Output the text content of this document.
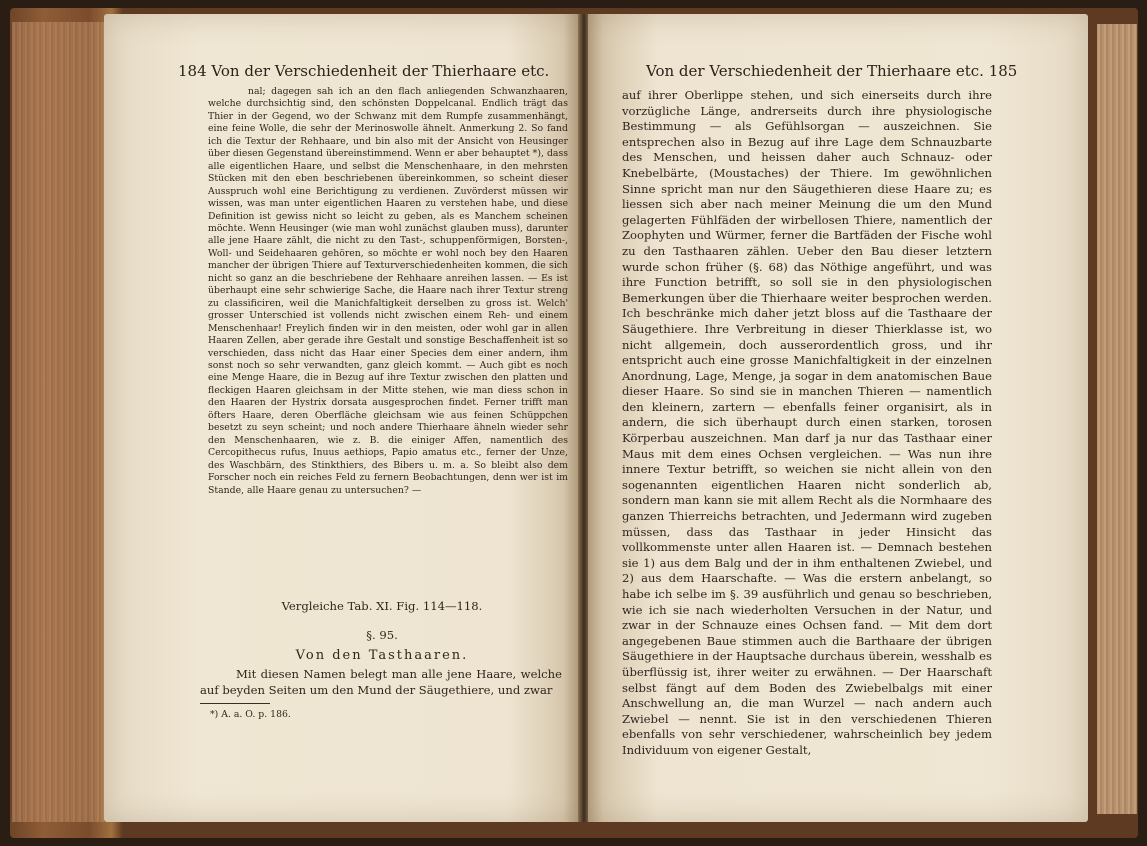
184 Von der Verschiedenheit der Thierhaare etc.
nal; dagegen sah ich an den flach anliegenden Schwanzhaaren, welche durchsichtig sind, den schönsten Doppelcanal. Endlich trägt das Thier in der Gegend, wo der Schwanz mit dem Rumpfe zusammenhängt, eine feine Wolle, die sehr der Merinoswolle ähnelt. Anmerkung 2. So fand ich die Textur der Rehhaare, und bin also mit der Ansicht von Heusinger über diesen Gegenstand übereinstimmend. Wenn er aber behauptet *), dass alle eigentlichen Haare, und selbst die Menschenhaare, in den mehrsten Stücken mit den eben beschriebenen übereinkommen, so scheint dieser Ausspruch wohl eine Berichtigung zu verdienen. Zuvörderst müssen wir wissen, was man unter eigentlichen Haaren zu verstehen habe, und diese Definition ist gewiss nicht so leicht zu geben, als es Manchem scheinen möchte. Wenn Heusinger (wie man wohl zunächst glauben muss), darunter alle jene Haare zählt, die nicht zu den Tast-, schuppenförmigen, Borsten-, Woll- und Seidehaaren gehören, so möchte er wohl noch bey den Haaren mancher der übrigen Thiere auf Texturverschiedenheiten kommen, die sich nicht so ganz an die beschriebene der Rehhaare anreihen lassen. — Es ist überhaupt eine sehr schwierige Sache, die Haare nach ihrer Textur streng zu classificiren, weil die Manichfaltigkeit derselben zu gross ist. Welch' grosser Unterschied ist vollends nicht zwischen einem Reh- und einem Menschenhaar! Freylich finden wir in den meisten, oder wohl gar in allen Haaren Zellen, aber gerade ihre Gestalt und sonstige Beschaffenheit ist so verschieden, dass nicht das Haar einer Species dem einer andern, ihm sonst noch so sehr verwandten, ganz gleich kommt. — Auch gibt es noch eine Menge Haare, die in Bezug auf ihre Textur zwischen den platten und fleckigen Haaren gleichsam in der Mitte stehen, wie man diess schon in den Haaren der Hystrix dorsata ausgesprochen findet. Ferner trifft man öfters Haare, deren Oberfläche gleichsam wie aus feinen Schüppchen besetzt zu seyn scheint; und noch andere Thierhaare ähneln wieder sehr den Menschenhaaren, wie z. B. die einiger Affen, namentlich des Cercopithecus rufus, Inuus aethiops, Papio amatus etc., ferner der Unze, des Waschbärn, des Stinkthiers, des Bibers u. m. a. So bleibt also dem Forscher noch ein reiches Feld zu fernern Beobachtungen, denn wer ist im Stande, alle Haare genau zu untersuchen? —
Vergleiche Tab. XI. Fig. 114—118.
§. 95.
Von den Tasthaaren.
Mit diesen Namen belegt man alle jene Haare, welche auf beyden Seiten um den Mund der Säugethiere, und zwar
*) A. a. O. p. 186.
Von der Verschiedenheit der Thierhaare etc. 185
auf ihrer Oberlippe stehen, und sich einerseits durch ihre vorzügliche Länge, andrerseits durch ihre physiologische Bestimmung — als Gefühlsorgan — auszeichnen. Sie entsprechen also in Bezug auf ihre Lage dem Schnauzbarte des Menschen, und heissen daher auch Schnauz- oder Knebelbärte, (Moustaches) der Thiere. Im gewöhnlichen Sinne spricht man nur den Säugethieren diese Haare zu; es liessen sich aber nach meiner Meinung die um den Mund gelagerten Fühlfäden der wirbellosen Thiere, namentlich der Zoophyten und Würmer, ferner die Bartfäden der Fische wohl zu den Tasthaaren zählen. Ueber den Bau dieser letztern wurde schon früher (§. 68) das Nöthige angeführt, und was ihre Function betrifft, so soll sie in den physiologischen Bemerkungen über die Thierhaare weiter besprochen werden. Ich beschränke mich daher jetzt bloss auf die Tasthaare der Säugethiere. Ihre Verbreitung in dieser Thierklasse ist, wo nicht allgemein, doch ausserordentlich gross, und ihr entspricht auch eine grosse Manichfaltigkeit in der einzelnen Anordnung, Lage, Menge, ja sogar in dem anatomischen Baue dieser Haare. So sind sie in manchen Thieren — namentlich den kleinern, zartern — ebenfalls feiner organisirt, als in andern, die sich überhaupt durch einen starken, torosen Körperbau auszeichnen. Man darf ja nur das Tasthaar einer Maus mit dem eines Ochsen vergleichen. — Was nun ihre innere Textur betrifft, so weichen sie nicht allein von den sogenannten eigentlichen Haaren nicht sonderlich ab, sondern man kann sie mit allem Recht als die Normhaare des ganzen Thierreichs betrachten, und Jedermann wird zugeben müssen, dass das Tasthaar in jeder Hinsicht das vollkommenste unter allen Haaren ist. — Demnach bestehen sie 1) aus dem Balg und der in ihm enthaltenen Zwiebel, und 2) aus dem Haarschafte. — Was die erstern anbelangt, so habe ich selbe im §. 39 ausführlich und genau so beschrieben, wie ich sie nach wiederholten Versuchen in der Natur, und zwar in der Schnauze eines Ochsen fand. — Mit dem dort angegebenen Baue stimmen auch die Barthaare der übrigen Säugethiere in der Hauptsache durchaus überein, wesshalb es überflüssig ist, ihrer weiter zu erwähnen. — Der Haarschaft selbst fängt auf dem Boden des Zwiebelbalgs mit einer Anschwellung an, die man Wurzel — nach andern auch Zwiebel — nennt. Sie ist in den verschiedenen Thieren ebenfalls von sehr verschiedener, wahrscheinlich bey jedem Individuum von eigener Gestalt,
